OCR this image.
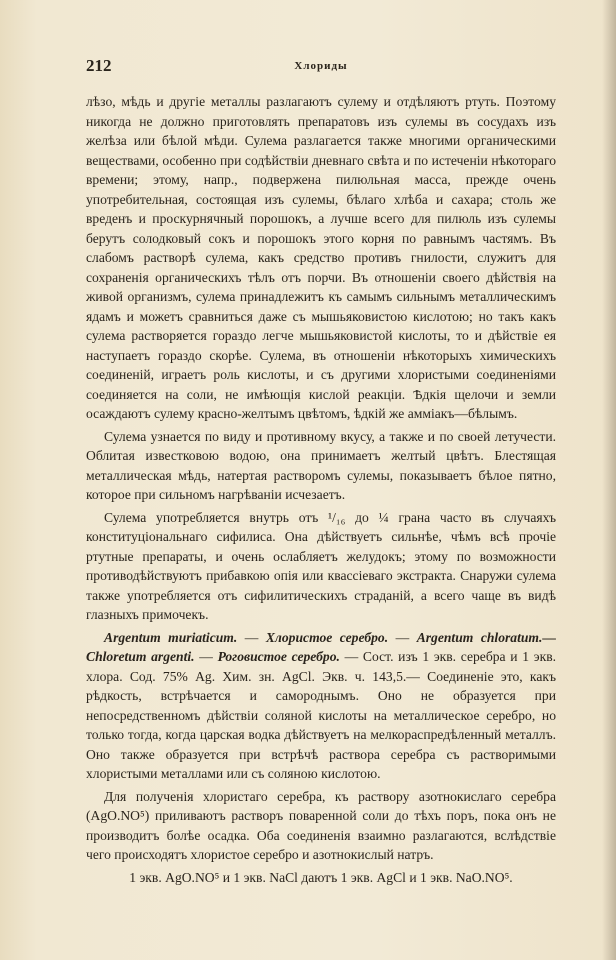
212	Хлориды

лѣзо, мѣдь и другіе металлы разлагаютъ сулему и отдѣляютъ ртуть. Поэтому никогда не должно приготовлять препаратовъ изъ сулемы въ сосудахъ изъ желѣза или бѣлой мѣди. Сулема разлагается также многими органическими веществами, особенно при содѣйствіи дневнаго свѣта и по истеченіи нѣкотораго времени; этому, напр., подвержена пилюльная масса, прежде очень употребительная, состоящая изъ сулемы, бѣлаго хлѣба и сахара; столь же вреденъ и проскурнячный порошокъ, а лучше всего для пилюль изъ сулемы берутъ солодковый сокъ и порошокъ этого корня по равнымъ частямъ. Въ слабомъ растворѣ сулема, какъ средство противъ гнилости, служитъ для сохраненія органическихъ тѣлъ отъ порчи. Въ отношеніи своего дѣйствія на живой организмъ, сулема принадлежитъ къ самымъ сильнымъ металлическимъ ядамъ и можетъ сравниться даже съ мышьяковистою кислотою; но такъ какъ сулема растворяется гораздо легче мышьяковистой кислоты, то и дѣйствіе ея наступаетъ гораздо скорѣе. Сулема, въ отношеніи нѣкоторыхъ химическихъ соединеній, играетъ роль кислоты, и съ другими хлористыми соединеніями соединяется на соли, не имѣющія кислой реакціи. Ѣдкія щелочи и земли осаждаютъ сулему красно-желтымъ цвѣтомъ, ѣдкій же аммiакъ—бѣлымъ.

Сулема узнается по виду и противному вкусу, а также и по своей летучести. Облитая известковою водою, она принимаетъ желтый цвѣтъ. Блестящая металлическая мѣдь, натертая растворомъ сулемы, показываетъ бѣлое пятно, которое при сильномъ нагрѣваніи исчезаетъ.

Сулема употребляется внутрь отъ ¹/₁₆ до ¼ грана часто въ случаяхъ конституціональнаго сифилиса. Она дѣйствуетъ сильнѣе, чѣмъ всѣ прочіе ртутные препараты, и очень ослабляетъ желудокъ; этому по возможности противодѣйствуютъ прибавкою опія или квассіеваго экстракта. Снаружи сулема также употребляется отъ сифилитическихъ страданій, а всего чаще въ видѣ глазныхъ примочекъ.

Argentum muriaticum. — Хлористое серебро. — Argentum chloratum.—Chloretum argenti. — Роговистое серебро. — Сост. изъ 1 экв. серебра и 1 экв. хлора. Сод. 75% Ag. Хим. зн. AgCl. Экв. ч. 143,5.— Соединеніе это, какъ рѣдкость, встрѣчается и самороднымъ. Оно не образуется при непосредственномъ дѣйствіи соляной кислоты на металлическое серебро, но только тогда, когда царская водка дѣйствуетъ на мелкораспредѣленный металлъ. Оно также образуется при встрѣчѣ раствора серебра съ растворимыми хлористыми металлами или съ соляною кислотою.

Для полученія хлористаго серебра, къ раствору азотнокислаго серебра (AgO.NO⁵) приливаютъ растворъ поваренной соли до тѣхъ поръ, пока онъ не производитъ болѣе осадка. Оба соединенія взаимно разлагаются, вслѣдствіе чего происходятъ хлористое серебро и азотнокислый натръ.

1 экв. AgO.NO⁵ и 1 экв. NaCl даютъ 1 экв. AgCl и 1 экв. NaO.NO⁵.
